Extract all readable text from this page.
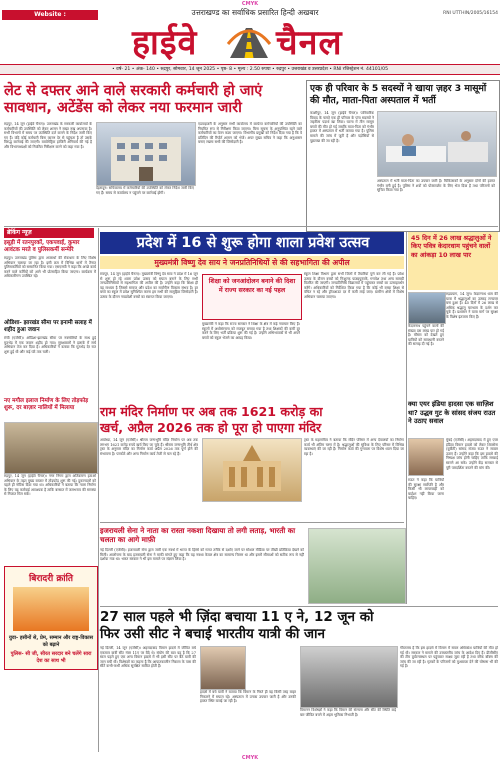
CMYK
Website : www.highwaychannel.in
उत्तराखण्ड का सर्वाधिक प्रसारित हिन्दी अखबार	RNI UTTHIN/2005/16154
हाईवे चैनल
• वर्ष- 21 • अंक- 140 • रुद्रपुर, सोमवार, 14 जून 2025 • पृष्ठ- 8 • मूल्य : 2.50 रुपया • रुद्रपुर • उत्तराखंड व उत्तरप्रदेश • RNI रजिस्ट्रेशन नं. 44101/05
लेट से दफ्तर आने वाले सरकारी कर्मचारी हो जाएं
सावधान, अटेंडेंस को लेकर नया फरमान जारी
रुद्रपुर, 14 जून (हाईवे चैनल)। उत्तराखंड के सरकारी कार्यालयों के कर्मचारियों की उपस्थिति को लेकर शासन ने सख्त रुख अपनाया है। सभी विभागों में समय पर उपस्थिति दर्ज कराने के निर्देश जारी किए गए हैं। यदि कोई कर्मचारी बिना कारण देर से पहुंचता है तो उसके विरुद्ध कार्रवाई की जाएगी। बायोमेट्रिक हाजिरी अनिवार्य की गई है और विभागाध्यक्षों को नियमित निरीक्षण करने को कहा गया है।
देहरादून। सचिवालय में कर्मचारियों की उपस्थिति को लेकर निर्देश जारी किए गए हैं। समय से कार्यालय न पहुंचने पर कार्रवाई होगी।
एडवाइजरी के अनुसार सभी कार्यालय में कार्यरत कर्मचारियों की उपस्थिति का नियमित रूप से निरीक्षण किया जाएगा। बिना सूचना के अनुपस्थित रहने वाले कर्मचारियों का वेतन काटा जाएगा। विभागीय प्रमुखों को निर्देश दिया गया है कि वे प्रतिदिन की रिपोर्ट शासन को भेजें। अपर मुख्य सचिव ने कहा कि अनुशासन बनाए रखना सभी की जिम्मेदारी है।
एक ही परिवार के 5 सदस्यों ने खाया ज़हर 3 मासूमों की मौत, माता-पिता अस्पताल में भर्ती
काशीपुर, 14 जून (हाईवे चैनल)। पारिवारिक विवाद के चलते एक ही परिवार के पांच सदस्यों ने जहरीला पदार्थ खा लिया। घटना में तीन मासूम बच्चों की मौत हो गई जबकि माता-पिता को गंभीर हालत में अस्पताल में भर्ती कराया गया है। पुलिस मामले की जांच में जुटी है और पड़ोसियों से पूछताछ की जा रही है।
अस्पताल में भर्ती माता-पिता का उपचार जारी है। चिकित्सकों के अनुसार दोनों की हालत गंभीर बनी हुई है। पुलिस ने शवों को पोस्टमार्टम के लिए भेज दिया है तथा परिजनों को सूचित किया गया है।
ब्रेकिंग न्यूज़
इसूड़ी में रतनपुरकों, एकपवार्ई, कुमार आवंटक मरते व पुलिसकर्मी सन्मेरि
रुद्रपुर। उत्तराखंड पुलिस द्वारा अपराधों की रोकथाम के लिए विशेष अभियान चलाया जा रहा है। इसी क्रम में विभिन्न थानों में तैनात पुलिसकर्मियों को सम्मानित किया गया। एसएसपी ने कहा कि अच्छे कार्य करने वाले कर्मियों को आगे भी प्रोत्साहित किया जाएगा। कार्यक्रम में अधिकारीगण उपस्थित रहे।
ओडिशा- झारखंड सीमा पर इनामी सलाह में शहीद हुआ जवान
रांची (एजेंसी)। ओडिशा-झारखंड सीमा पर नक्सलियों के साथ हुई मुठभेड़ में एक जवान शहीद हो गया। सुरक्षाबलों ने इलाके में सर्च अभियान तेज कर दिया है। अधिकारियों ने बताया कि मुठभेड़ देर रात शुरू हुई थी और कई घंटे तक चली।
नए मगौल इलाज निर्माण के लिए तोड़फोड़ शुरू, दर बाज़ार नालियों में मिलाया
रुद्रपुर, 14 जून (हाईवे चैनल)। नगर निगम द्वारा अतिक्रमण हटाओ अभियान के तहत मुख्य बाजार में तोड़फोड़ शुरू की गई। दुकानदारों को पहले ही नोटिस दिया गया था। अधिकारियों ने बताया कि नाला निर्माण के लिए यह कार्रवाई आवश्यक है ताकि बरसात में जलभराव की समस्या से निजात मिल सके।
बिरादरी क्रांति
युवा- हसीनों से, प्रेम, सम्मान और राष्ट्र-विकास को बढ़ाने
पुलिस- सी जी, सीरत सरदार बने चलेंगे सारा देश का साथ भी
प्रदेश में 16 से शुरू होगा शाला प्रवेश उत्सव
मुख्यमंत्री विष्णु देव साय ने जनप्रतिनिधियों से की सहभागिता की अपील
रायपुर, 14 जून (हाईवे चैनल)। मुख्यमंत्री विष्णु देव साय ने प्रदेश में 16 जून से शुरू हो रहे शाला प्रवेश उत्सव को सफल बनाने के लिए सभी जनप्रतिनिधियों से सहभागिता की अपील की है। उन्होंने कहा कि शिक्षा ही वह माध्यम है जिससे समाज और प्रदेश का सर्वांगीण विकास संभव है। हर बच्चे का स्कूल में प्रवेश सुनिश्चित करना हम सभी की सामूहिक जिम्मेदारी है। उत्सव के दौरान नवप्रवेशी बच्चों का स्वागत किया जाएगा।
शिक्षा को जनआंदोलन बनाने की दिशा में राज्य सरकार का नई पहल
मुख्यमंत्री ने कहा कि राज्य सरकार ने शिक्षा के क्षेत्र में कई नवाचार किए हैं। स्कूलों में अधोसंरचना को मजबूत बनाया गया है तथा शिक्षकों की कमी दूर करने के लिए भर्ती प्रक्रिया शुरू की गई है। उन्होंने अभिभावकों से भी अपने बच्चों को स्कूल भेजने का आग्रह किया।
स्कूल शिक्षा विभाग द्वारा सभी जिलों में तैयारियां पूर्ण कर ली गई हैं। प्रवेश उत्सव के दौरान बच्चों को निःशुल्क पाठ्यपुस्तकें, गणवेश तथा अन्य सामग्री वितरित की जाएगी। जनप्रतिनिधि विद्यालयों में पहुंचकर बच्चों का उत्साहवर्धन करेंगे। अधिकारियों को निर्देशित किया गया है कि कोई भी बच्चा शिक्षा से वंचित न रहे और ड्रॉपआउट दर में कमी लाई जाए। ग्रामीण क्षेत्रों में विशेष अभियान चलाया जाएगा।
45 दिन में 26 लाख श्रद्धालुओं ने किए पवित्र केदारधाम पहुंचने वालों का आंकड़ा 10 लाख पार
रुद्रप्रयाग, 14 जून। केदारनाथ धाम की यात्रा में श्रद्धालुओं का उत्साह लगातार बना हुआ है। 45 दिनों में 26 लाख से अधिक श्रद्धालु चारधाम के दर्शन कर चुके हैं। प्रशासन ने यात्रा मार्ग पर सुरक्षा के विशेष इंतजाम किए हैं।
केदारनाथ पहुंचने वालों की संख्या दस लाख पार हो गई है। मौसम को देखते हुए यात्रियों को सावधानी बरतने की सलाह दी गई है।
क्या एयर इंडिया हादसा एक साज़िश था? उद्धव गुट के सांसद संजय राउत ने उठाए सवाल
मुंबई (एजेंसी)। अहमदाबाद में हुए एयर इंडिया विमान हादसे को लेकर शिवसेना (यूबीटी) सांसद संजय राउत ने सवाल उठाए हैं। उन्होंने कहा कि इस हादसे की निष्पक्ष जांच होनी चाहिए ताकि सच्चाई सामने आ सके। उन्होंने केंद्र सरकार से पूरी पारदर्शिता बरतने की मांग की।
राउत ने कहा कि यात्रियों की सुरक्षा सर्वोपरि है और किसी भी लापरवाही को बर्दाश्त नहीं किया जाना चाहिए।
राम मंदिर निर्माण पर अब तक 1621 करोड़ का
खर्च, अप्रैल 2026 तक हो पूरा हो पाएगा मंदिर
अयोध्या, 14 जून (एजेंसी)। श्रीराम जन्मभूमि मंदिर निर्माण पर अब तक लगभग 1621 करोड़ रुपये खर्च किए जा चुके हैं। श्रीराम जन्मभूमि तीर्थ क्षेत्र ट्रस्ट के अनुसार मंदिर का निर्माण कार्य अप्रैल 2026 तक पूर्ण होने की संभावना है। परकोटे और अन्य निर्माण कार्य तेजी से चल रहे हैं।
ट्रस्ट के महासचिव ने बताया कि मंदिर परिसर में अन्य देवालयों का निर्माण कार्य भी अंतिम चरण में है। श्रद्धालुओं की सुविधा के लिए परिसर में विभिन्न व्यवस्थाएं की जा रही हैं। निर्माण कार्य की गुणवत्ता पर विशेष ध्यान दिया जा रहा है।
इजरायली सेना ने नाता का रास्ता नकशा दिखाया तो लगी लताड़, भारती का चलता का आगे माफ़ी
नई दिल्ली (एजेंसी)। इजरायली सेना द्वारा जारी एक नक्शे में भारत के हिस्से को गलत तरीके से दर्शाए जाने पर सोशल मीडिया पर तीखी प्रतिक्रिया देखने को मिली। आलोचना के बाद इजरायली सेना ने माफी मांगते हुए कहा कि यह नक्शा केवल क्षेत्र का सामान्य चित्रण था और इसमें सीमाओं को सटीक रूप से नहीं दर्शाया गया था। भारत सरकार ने भी इस मामले पर संज्ञान लिया है।
27 साल पहले भी ज़िंदा बचाया 11 ए ने, 12 जून को
फिर उसी सीट ने बचाई भारतीय यात्री की जान
नई दिल्ली, 14 जून (एजेंसी)। अहमदाबाद विमान हादसे में जीवित बचे एकमात्र यात्री सीट नंबर 11ए पर बैठे थे। संयोग की बात यह है कि 27 साल पहले हुए एक अन्य विमान हादसे में भी इसी सीट पर बैठे यात्री की जान बची थी। विशेषज्ञों का कहना है कि आपातकालीन निकास के पास की सीटें कभी-कभी अधिक सुरक्षित साबित होती हैं।
हादसे में बचे यात्री ने बताया कि विमान के गिरते ही वह किसी तरह बाहर निकलने में सफल रहे। अस्पताल में उनका उपचार जारी है और उनकी हालत स्थिर बताई जा रही है।
विमानन विशेषज्ञों ने कहा कि विमान की संरचना और सीट की स्थिति कई बार जीवित बचने में अहम भूमिका निभाती है।
गौरतलब है कि इस हादसे में विमान में सवार अधिकांश यात्रियों की मौत हो गई थी। सरकार ने मामले की उच्चस्तरीय जांच के आदेश दिए हैं। डीजीसीए की टीम दुर्घटनास्थल पर पहुंचकर साक्ष्य जुटा रही है तथा ब्लैक बॉक्स की जांच की जा रही है। मृतकों के परिजनों को मुआवजा देने की घोषणा भी की गई है।
CMYK
